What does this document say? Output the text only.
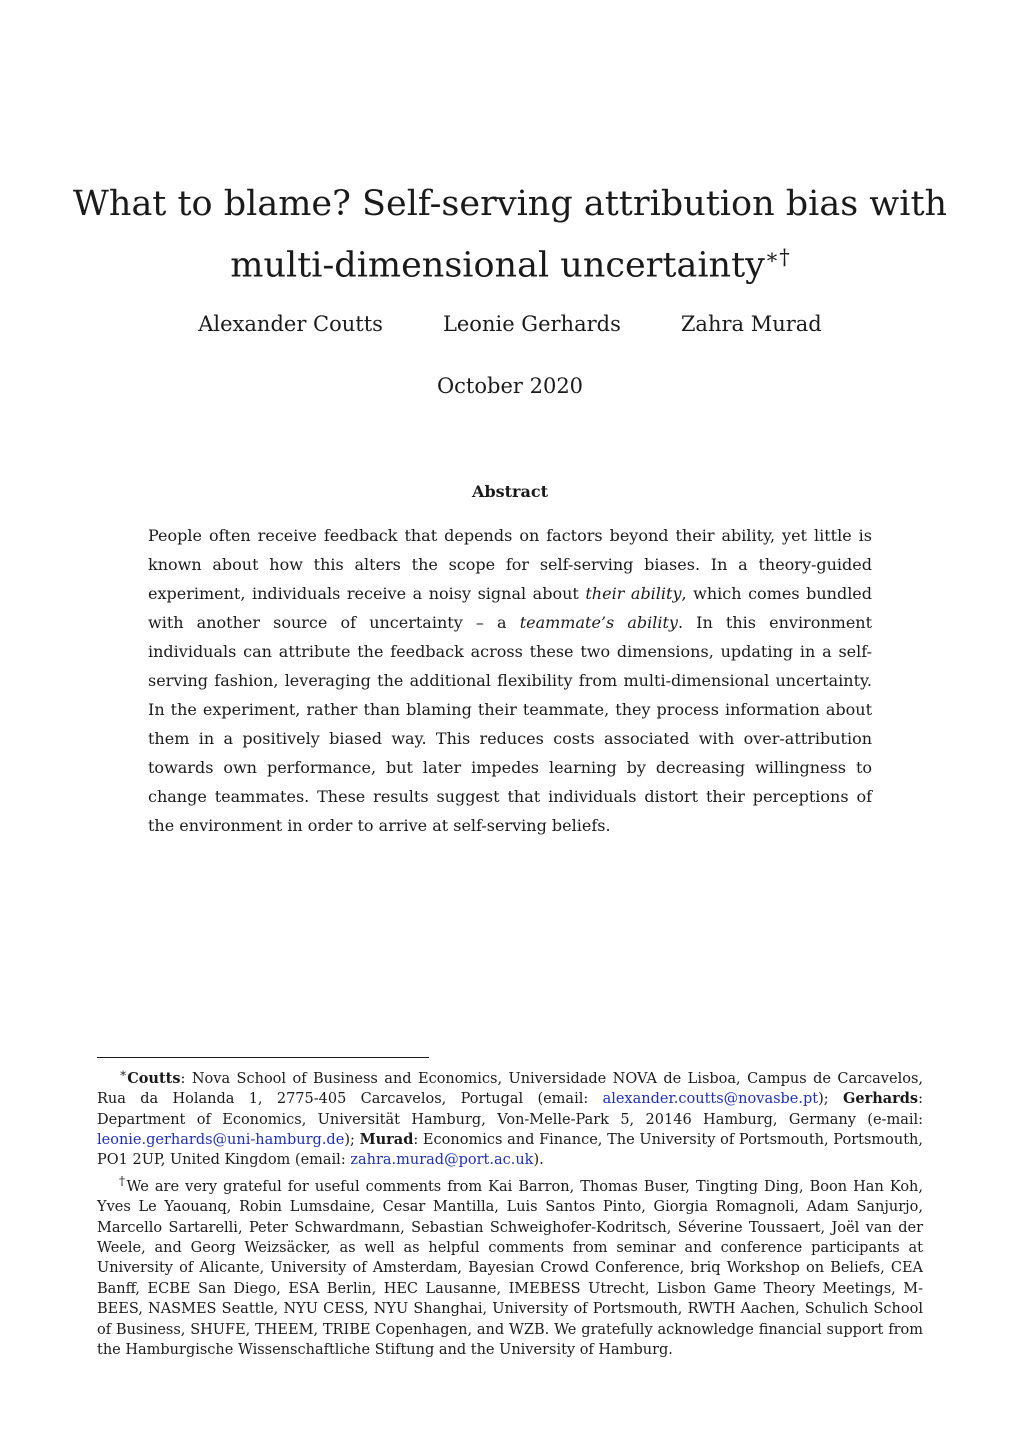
What to blame? Self-serving attribution bias with
multi-dimensional uncertainty∗†
Alexander Coutts	Leonie Gerhards	Zahra Murad
October 2020
Abstract

People often receive feedback that depends on factors beyond their ability, yet little is known about how this alters the scope for self-serving biases. In a theory-guided experiment, individuals receive a noisy signal about their ability, which comes bundled with another source of uncertainty – a teammate’s ability. In this environment individuals can attribute the feedback across these two dimensions, updating in a self-serving fashion, leveraging the additional flexibility from multi-dimensional uncertainty. In the experiment, rather than blaming their teammate, they process information about them in a positively biased way. This reduces costs associated with over-attribution towards own performance, but later impedes learning by decreasing willingness to change teammates. These results suggest that individuals distort their perceptions of the environment in order to arrive at self-serving beliefs.

∗Coutts: Nova School of Business and Economics, Universidade NOVA de Lisboa, Campus de Carcavelos, Rua da Holanda 1, 2775-405 Carcavelos, Portugal (email: alexander.coutts@novasbe.pt); Gerhards: Department of Economics, Universität Hamburg, Von-Melle-Park 5, 20146 Hamburg, Germany (e-mail: leonie.gerhards@uni-hamburg.de); Murad: Economics and Finance, The University of Portsmouth, Portsmouth, PO1 2UP, United Kingdom (email: zahra.murad@port.ac.uk).

†We are very grateful for useful comments from Kai Barron, Thomas Buser, Tingting Ding, Boon Han Koh, Yves Le Yaouanq, Robin Lumsdaine, Cesar Mantilla, Luis Santos Pinto, Giorgia Romagnoli, Adam Sanjurjo, Marcello Sartarelli, Peter Schwardmann, Sebastian Schweighofer-Kodritsch, Séverine Toussaert, Joël van der Weele, and Georg Weizsäcker, as well as helpful comments from seminar and conference participants at University of Alicante, University of Amsterdam, Bayesian Crowd Conference, briq Workshop on Beliefs, CEA Banff, ECBE San Diego, ESA Berlin, HEC Lausanne, IMEBESS Utrecht, Lisbon Game Theory Meetings, M-BEES, NASMES Seattle, NYU CESS, NYU Shanghai, University of Portsmouth, RWTH Aachen, Schulich School of Business, SHUFE, THEEM, TRIBE Copenhagen, and WZB. We gratefully acknowledge financial support from the Hamburgische Wissenschaftliche Stiftung and the University of Hamburg.
